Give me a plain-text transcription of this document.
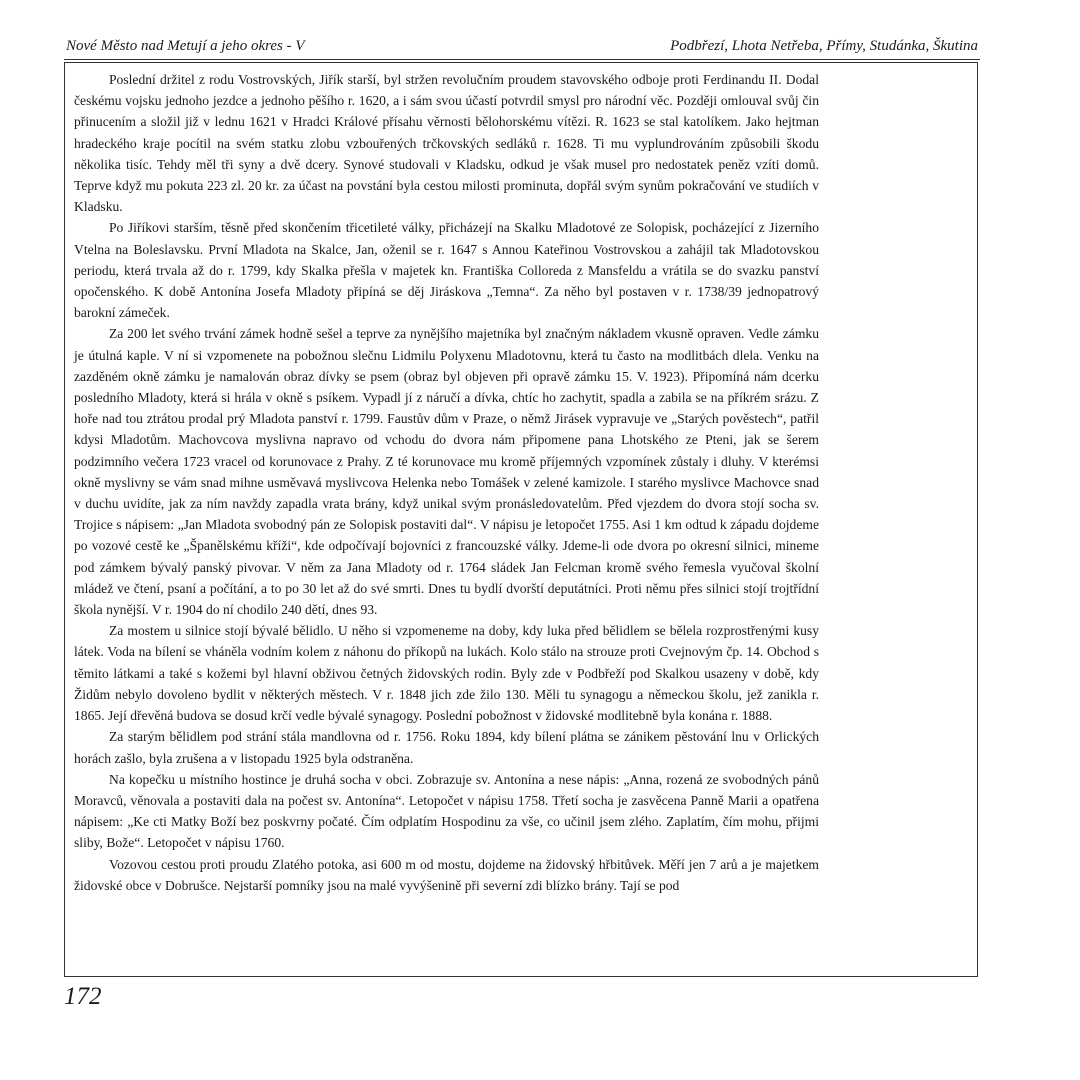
Nové Město nad Metují a jeho okres - V	Podbřezí, Lhota Netřeba, Přímy, Studánka, Škutina

Poslední držitel z rodu Vostrovských, Jiřík starší, byl stržen revolučním proudem stavovského odboje proti Ferdinandu II. Dodal českému vojsku jednoho jezdce a jednoho pěšího r. 1620, a i sám svou účastí potvrdil smysl pro národní věc. Později omlouval svůj čin přinucením a složil již v lednu 1621 v Hradci Králové přísahu věrnosti bělohorskému vítězi. R. 1623 se stal katolíkem. Jako hejtman hradeckého kraje pocítil na svém statku zlobu vzbouřených trčkovských sedláků r. 1628. Ti mu vyplundrováním způsobili škodu několika tisíc. Tehdy měl tři syny a dvě dcery. Synové studovali v Kladsku, odkud je však musel pro nedostatek peněz vzíti domů. Teprve když mu pokuta 223 zl. 20 kr. za účast na povstání byla cestou milosti prominuta, dopřál svým synům pokračování ve studiích v Kladsku.

Po Jiříkovi starším, těsně před skončením třicetileté války, přicházejí na Skalku Mladotové ze Solopisk, pocházející z Jizerního Vtelna na Boleslavsku. První Mladota na Skalce, Jan, oženil se r. 1647 s Annou Kateřinou Vostrovskou a zahájil tak Mladotovskou periodu, která trvala až do r. 1799, kdy Skalka přešla v majetek kn. Františka Colloreda z Mansfeldu a vrátila se do svazku panství opočenského. K době Antonína Josefa Mladoty připíná se děj Jiráskova „Temna“. Za něho byl postaven v r. 1738/39 jednopatrový barokní zámeček.

Za 200 let svého trvání zámek hodně sešel a teprve za nynějšího majetníka byl značným nákladem vkusně opraven. Vedle zámku je útulná kaple. V ní si vzpomenete na pobožnou slečnu Lidmilu Polyxenu Mladotovnu, která tu často na modlitbách dlela. Venku na zazděném okně zámku je namalován obraz dívky se psem (obraz byl objeven při opravě zámku 15. V. 1923). Připomíná nám dcerku posledního Mladoty, která si hrála v okně s psíkem. Vypadl jí z náručí a dívka, chtíc ho zachytit, spadla a zabila se na příkrém srázu. Z hoře nad tou ztrátou prodal prý Mladota panství r. 1799. Faustův dům v Praze, o němž Jirásek vypravuje ve „Starých pověstech“, patřil kdysi Mladotům. Machovcova myslivna napravo od vchodu do dvora nám připomene pana Lhotského ze Pteni, jak se šerem podzimního večera 1723 vracel od korunovace z Prahy. Z té korunovace mu kromě příjemných vzpomínek zůstaly i dluhy. V kterémsi okně myslivny se vám snad mihne usměvavá myslivcova Helenka nebo Tomášek v zelené kamizole. I starého myslivce Machovce snad v duchu uvidíte, jak za ním navždy zapadla vrata brány, když unikal svým pronásledovatelům. Před vjezdem do dvora stojí socha sv. Trojice s nápisem: „Jan Mladota svobodný pán ze Solopisk postaviti dal“. V nápisu je letopočet 1755. Asi 1 km odtud k západu dojdeme po vozové cestě ke „Španělskému kříži“, kde odpočívají bojovníci z francouzské války. Jdeme-li ode dvora po okresní silnici, mineme pod zámkem bývalý panský pivovar. V něm za Jana Mladoty od r. 1764 sládek Jan Felcman kromě svého řemesla vyučoval školní mládež ve čtení, psaní a počítání, a to po 30 let až do své smrti. Dnes tu bydlí dvorští deputátníci. Proti němu přes silnici stojí trojtřídní škola nynější. V r. 1904 do ní chodilo 240 dětí, dnes 93.

Za mostem u silnice stojí bývalé bělidlo. U něho si vzpomeneme na doby, kdy luka před bělidlem se bělela rozprostřenými kusy látek. Voda na bílení se vháněla vodním kolem z náhonu do příkopů na lukách. Kolo stálo na strouze proti Cvejnovým čp. 14. Obchod s těmito látkami a také s kožemi byl hlavní obživou četných židovských rodin. Byly zde v Podbřeží pod Skalkou usazeny v době, kdy Židům nebylo dovoleno bydlit v některých městech. V r. 1848 jich zde žilo 130. Měli tu synagogu a německou školu, jež zanikla r. 1865. Její dřevěná budova se dosud krčí vedle bývalé synagogy. Poslední pobožnost v židovské modlitebně byla konána r. 1888.

Za starým bělidlem pod strání stála mandlovna od r. 1756. Roku 1894, kdy bílení plátna se zánikem pěstování lnu v Orlických horách zašlo, byla zrušena a v listopadu 1925 byla odstraněna.

Na kopečku u místního hostince je druhá socha v obci. Zobrazuje sv. Antonína a nese nápis: „Anna, rozená ze svobodných pánů Moravců, věnovala a postaviti dala na počest sv. Antonína“. Letopočet v nápisu 1758. Třetí socha je zasvěcena Panně Marii a opatřena nápisem: „Ke cti Matky Boží bez poskvrny počaté. Čím odplatím Hospodinu za vše, co učinil jsem zlého. Zaplatím, čím mohu, přijmi sliby, Bože“. Letopočet v nápisu 1760.

Vozovou cestou proti proudu Zlatého potoka, asi 600 m od mostu, dojdeme na židovský hřbitůvek. Měří jen 7 arů a je majetkem židovské obce v Dobrušce. Nejstarší pomníky jsou na malé vyvýšenině při severní zdi blízko brány. Tají se pod

172
